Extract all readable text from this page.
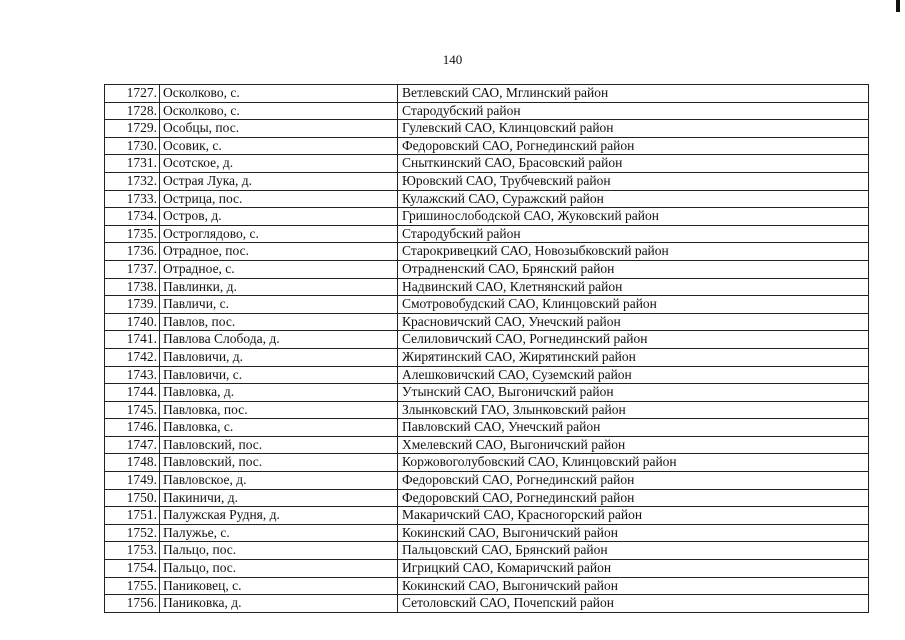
140
1727. Осколково, с.	Ветлевский САО, Мглинский район
1728. Осколково, с.	Стародубский район
1729. Особцы, пос.	Гулевский САО, Клинцовский район
1730. Осовик, с.	Федоровский САО, Рогнединский район
1731. Осотское, д.	Сныткинский САО, Брасовский район
1732. Острая Лука, д.	Юровский САО, Трубчевский район
1733. Острица, пос.	Кулажский САО, Суражский район
1734. Остров, д.	Гришинослободской САО, Жуковский район
1735. Остроглядово, с.	Стародубский район
1736. Отрадное, пос.	Старокривецкий САО, Новозыбковский район
1737. Отрадное, с.	Отрадненский САО, Брянский район
1738. Павлинки, д.	Надвинский САО, Клетнянский район
1739. Павличи, с.	Смотровобудский САО, Клинцовский район
1740. Павлов, пос.	Красновичский САО, Унечский район
1741. Павлова Слобода, д.	Селиловичский САО, Рогнединский район
1742. Павловичи, д.	Жирятинский САО, Жирятинский район
1743. Павловичи, с.	Алешковичский САО, Суземский район
1744. Павловка, д.	Утынский САО, Выгоничский район
1745. Павловка, пос.	Злынковский ГАО, Злынковский район
1746. Павловка, с.	Павловский САО, Унечский район
1747. Павловский, пос.	Хмелевский САО, Выгоничский район
1748. Павловский, пос.	Коржовоголубовский САО, Клинцовский район
1749. Павловское, д.	Федоровский САО, Рогнединский район
1750. Пакиничи, д.	Федоровский САО, Рогнединский район
1751. Палужская Рудня, д.	Макаричский САО, Красногорский район
1752. Палужье, с.	Кокинский САО, Выгоничский район
1753. Пальцо, пос.	Пальцовский САО, Брянский район
1754. Пальцо, пос.	Игрицкий САО, Комаричский район
1755. Паниковец, с.	Кокинский САО, Выгоничский район
1756. Паниковка, д.	Сетоловский САО, Почепский район
